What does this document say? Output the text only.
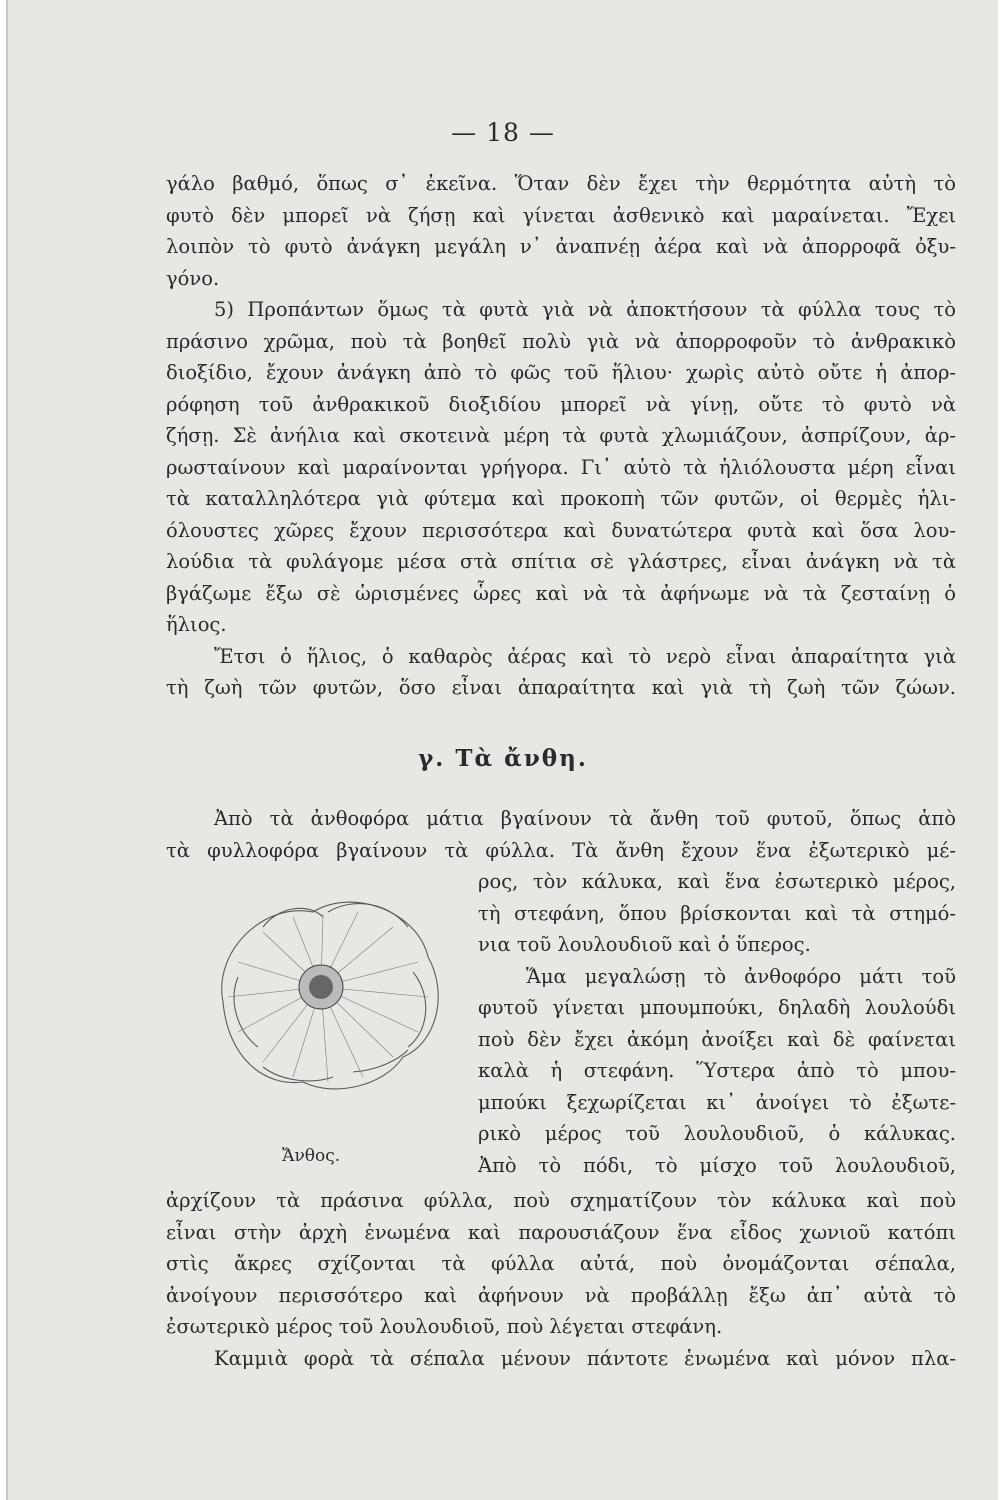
— 18 —
γάλο βαθμό, ὅπως σ᾽ ἐκεῖνα. Ὅταν δὲν ἔχει τὴν θερμότητα αὐτὴ τὸ
φυτὸ δὲν μπορεῖ νὰ ζήσῃ καὶ γίνεται ἀσθενικὸ καὶ μαραίνεται. Ἔχει
λοιπὸν τὸ φυτὸ ἀνάγκη μεγάλη ν᾽ ἀναπνέῃ ἀέρα καὶ νὰ ἀπορροφᾶ ὀξυ-
γόνο.
5) Προπάντων ὅμως τὰ φυτὰ γιὰ νὰ ἀποκτήσουν τὰ φύλλα τους τὸ
πράσινο χρῶμα, ποὺ τὰ βοηθεῖ πολὺ γιὰ νὰ ἀπορροφοῦν τὸ ἀνθρακικὸ
διοξίδιο, ἔχουν ἀνάγκη ἀπὸ τὸ φῶς τοῦ ἥλιου· χωρὶς αὐτὸ οὔτε ἡ ἀπορ-
ρόφηση τοῦ ἀνθρακικοῦ διοξιδίου μπορεῖ νὰ γίνῃ, οὔτε τὸ φυτὸ νὰ
ζήσῃ. Σὲ ἀνήλια καὶ σκοτεινὰ μέρη τὰ φυτὰ χλωμιάζουν, ἀσπρίζουν, ἀρ-
ρωσταίνουν καὶ μαραίνονται γρήγορα. Γι᾽ αὐτὸ τὰ ἡλιόλουστα μέρη εἶναι
τὰ καταλληλότερα γιὰ φύτεμα καὶ προκοπὴ τῶν φυτῶν, οἱ θερμὲς ἡλι-
όλουστες χῶρες ἔχουν περισσότερα καὶ δυνατώτερα φυτὰ καὶ ὅσα λου-
λούδια τὰ φυλάγομε μέσα στὰ σπίτια σὲ γλάστρες, εἶναι ἀνάγκη νὰ τὰ
βγάζωμε ἔξω σὲ ὡρισμένες ὧρες καὶ νὰ τὰ ἀφήνωμε νὰ τὰ ζεσταίνῃ ὁ
ἥλιος.
Ἔτσι ὁ ἥλιος, ὁ καθαρὸς ἀέρας καὶ τὸ νερὸ εἶναι ἀπαραίτητα γιὰ
τὴ ζωὴ τῶν φυτῶν, ὅσο εἶναι ἀπαραίτητα καὶ γιὰ τὴ ζωὴ τῶν ζώων.
γ. Τὰ ἄνθη.
Ἀπὸ τὰ ἀνθοφόρα μάτια βγαίνουν τὰ ἄνθη τοῦ φυτοῦ, ὅπως ἀπὸ
τὰ φυλλοφόρα βγαίνουν τὰ φύλλα. Τὰ ἄνθη ἔχουν ἕνα ἐξωτερικὸ μέ-
Ἄνθος.
ρος, τὸν κάλυκα, καὶ ἕνα ἐσωτερικὸ μέρος,
τὴ στεφάνη, ὅπου βρίσκονται καὶ τὰ στημό-
νια τοῦ λουλουδιοῦ καὶ ὁ ὕπερος.
Ἅμα μεγαλώσῃ τὸ ἀνθοφόρο μάτι τοῦ
φυτοῦ γίνεται μπουμπούκι, δηλαδὴ λουλούδι
ποὺ δὲν ἔχει ἀκόμη ἀνοίξει καὶ δὲ φαίνεται
καλὰ ἡ στεφάνη. Ὕστερα ἀπὸ τὸ μπου-
μπούκι ξεχωρίζεται κι᾽ ἀνοίγει τὸ ἐξωτε-
ρικὸ μέρος τοῦ λουλουδιοῦ, ὁ κάλυκας.
Ἀπὸ τὸ πόδι, τὸ μίσχο τοῦ λουλουδιοῦ,
ἀρχίζουν τὰ πράσινα φύλλα, ποὺ σχηματίζουν τὸν κάλυκα καὶ ποὺ
εἶναι στὴν ἀρχὴ ἑνωμένα καὶ παρουσιάζουν ἕνα εἶδος χωνιοῦ κατόπι
στὶς ἄκρες σχίζονται τὰ φύλλα αὐτά, ποὺ ὀνομάζονται σέπαλα,
ἀνοίγουν περισσότερο καὶ ἀφήνουν νὰ προβάλλῃ ἔξω ἀπ᾽ αὐτὰ τὸ
ἐσωτερικὸ μέρος τοῦ λουλουδιοῦ, ποὺ λέγεται στεφάνη.
Καμμιὰ φορὰ τὰ σέπαλα μένουν πάντοτε ἑνωμένα καὶ μόνον πλα-
